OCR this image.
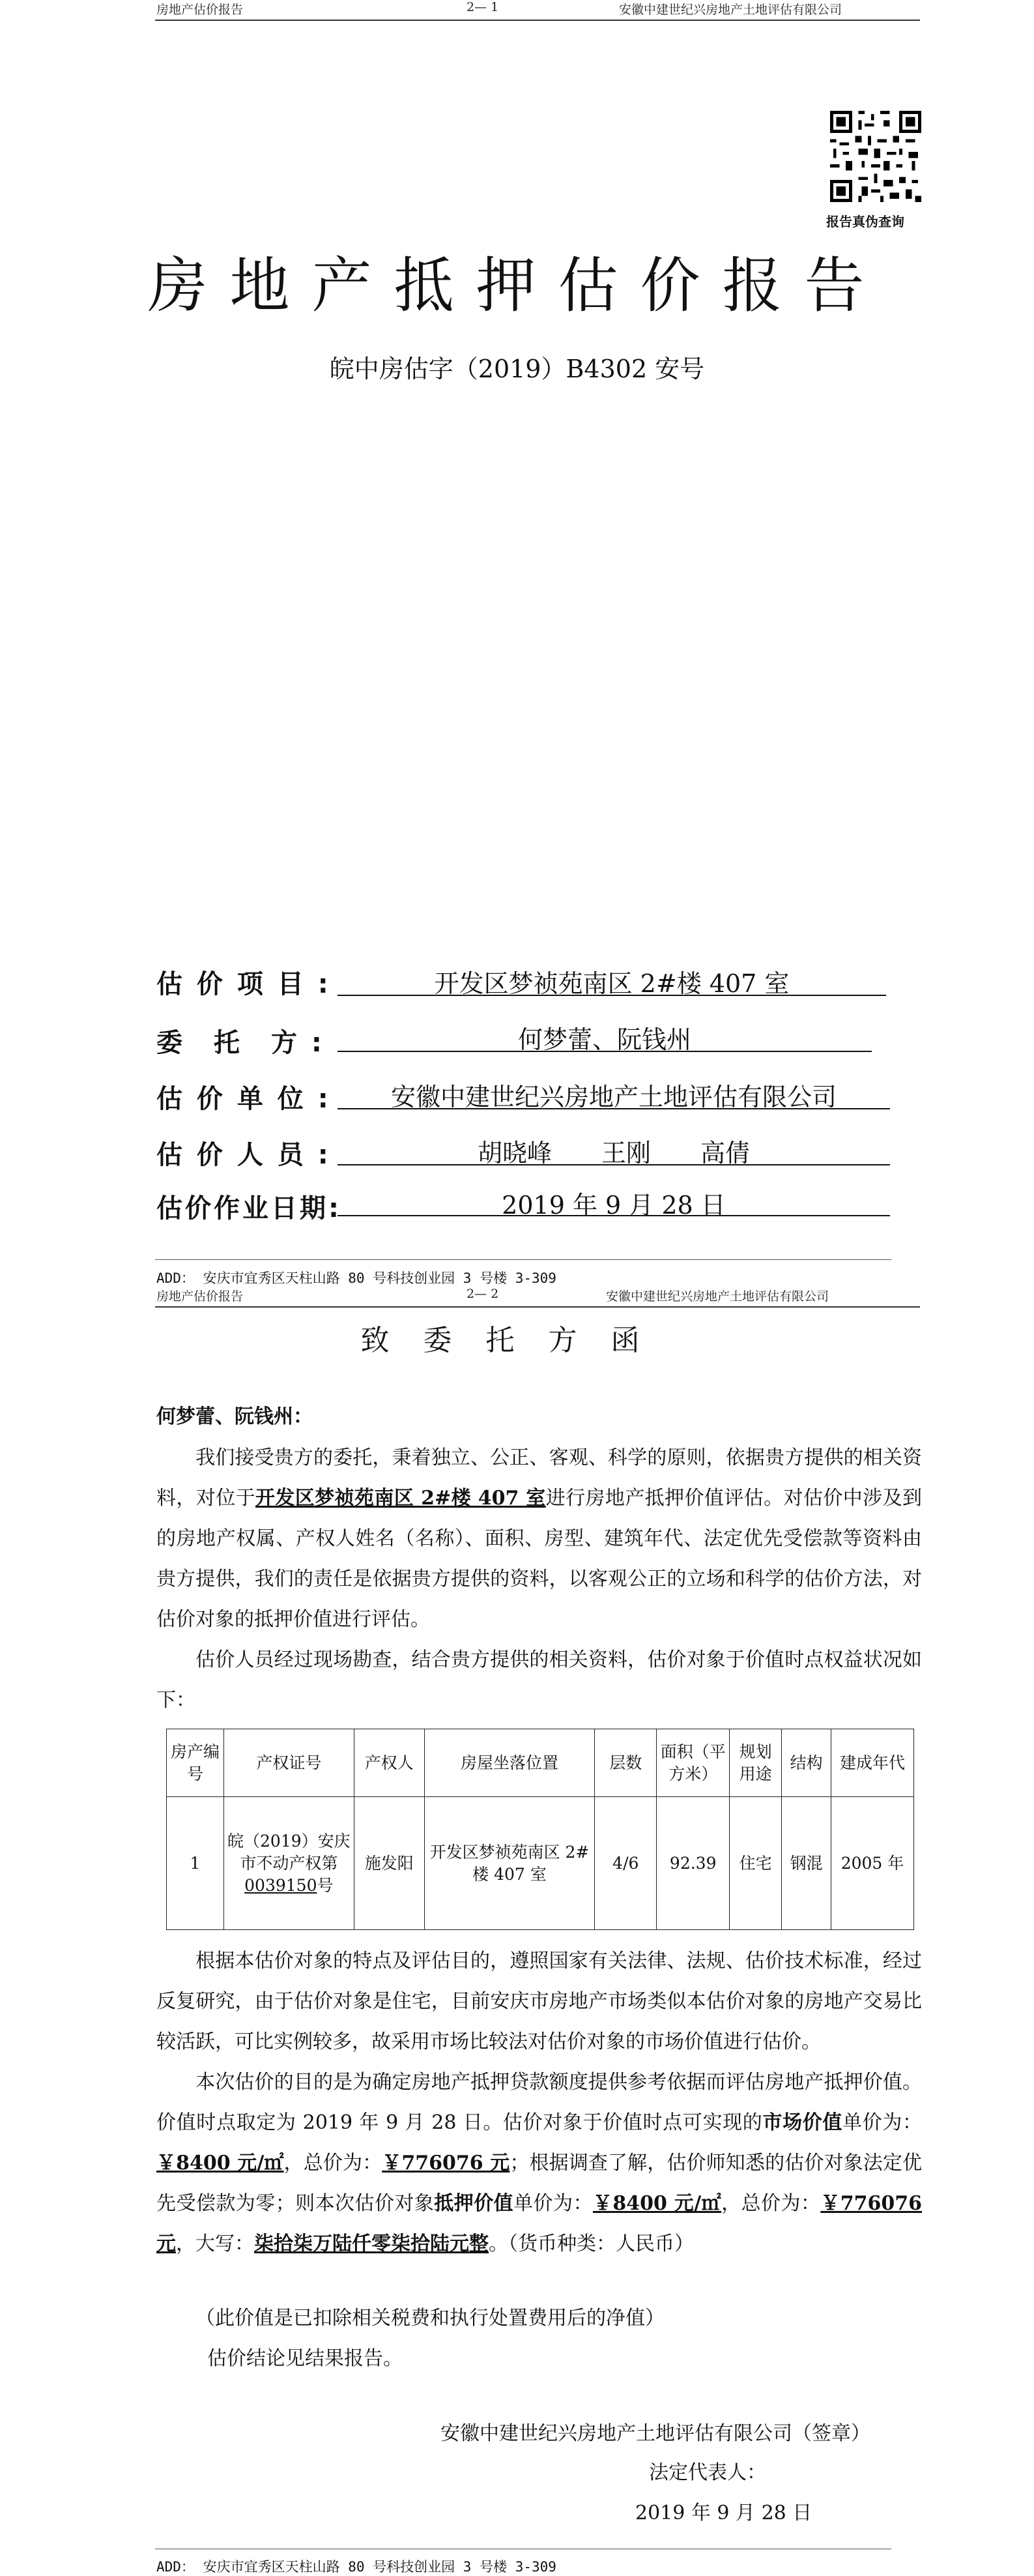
房地产估价报告	2— 1	安徽中建世纪兴房地产土地评估有限公司
报告真伪查询
房地产抵押估价报告
皖中房估字（2019）B4302 安号
估 价 项 目 :	开发区梦祯苑南区 2#楼 407 室
委　托　方 :	何梦蕾、阮钱州
估 价 单 位 :	安徽中建世纪兴房地产土地评估有限公司
估 价 人 员 :	胡晓峰　　王刚　　高倩
估价作业日期:	2019 年 9 月 28 日
ADD： 安庆市宜秀区天柱山路 80 号科技创业园 3 号楼 3-309
房地产估价报告	2— 2	安徽中建世纪兴房地产土地评估有限公司
致委托方函
何梦蕾、阮钱州：
我们接受贵方的委托，秉着独立、公正、客观、科学的原则，依据贵方提供的相关资料，对位于开发区梦祯苑南区 2#楼 407 室进行房地产抵押价值评估。对估价中涉及到的房地产权属、产权人姓名（名称）、面积、房型、建筑年代、法定优先受偿款等资料由贵方提供，我们的责任是依据贵方提供的资料，以客观公正的立场和科学的估价方法，对估价对象的抵押价值进行评估。
估价人员经过现场勘查，结合贵方提供的相关资料，估价对象于价值时点权益状况如下：
房产编号	产权证号	产权人	房屋坐落位置	层数	面积（平方米）	规划用途	结构	建成年代
1	皖（2019）安庆市不动产权第0039150号	施发阳	开发区梦祯苑南区 2#楼 407 室	4/6	92.39	住宅	钢混	2005 年
根据本估价对象的特点及评估目的，遵照国家有关法律、法规、估价技术标准，经过反复研究，由于估价对象是住宅，目前安庆市房地产市场类似本估价对象的房地产交易比较活跃，可比实例较多，故采用市场比较法对估价对象的市场价值进行估价。
本次估价的目的是为确定房地产抵押贷款额度提供参考依据而评估房地产抵押价值。价值时点取定为 2019 年 9 月 28 日。估价对象于价值时点可实现的市场价值单价为：￥8400 元/㎡，总价为：￥776076 元；根据调查了解，估价师知悉的估价对象法定优先受偿款为零；则本次估价对象抵押价值单价为：￥8400 元/㎡，总价为：￥776076 元，大写：柒拾柒万陆仟零柒拾陆元整。（货币种类：人民币）
（此价值是已扣除相关税费和执行处置费用后的净值）
估价结论见结果报告。
安徽中建世纪兴房地产土地评估有限公司（签章）
法定代表人：
2019 年 9 月 28 日
ADD： 安庆市宜秀区天柱山路 80 号科技创业园 3 号楼 3-309
